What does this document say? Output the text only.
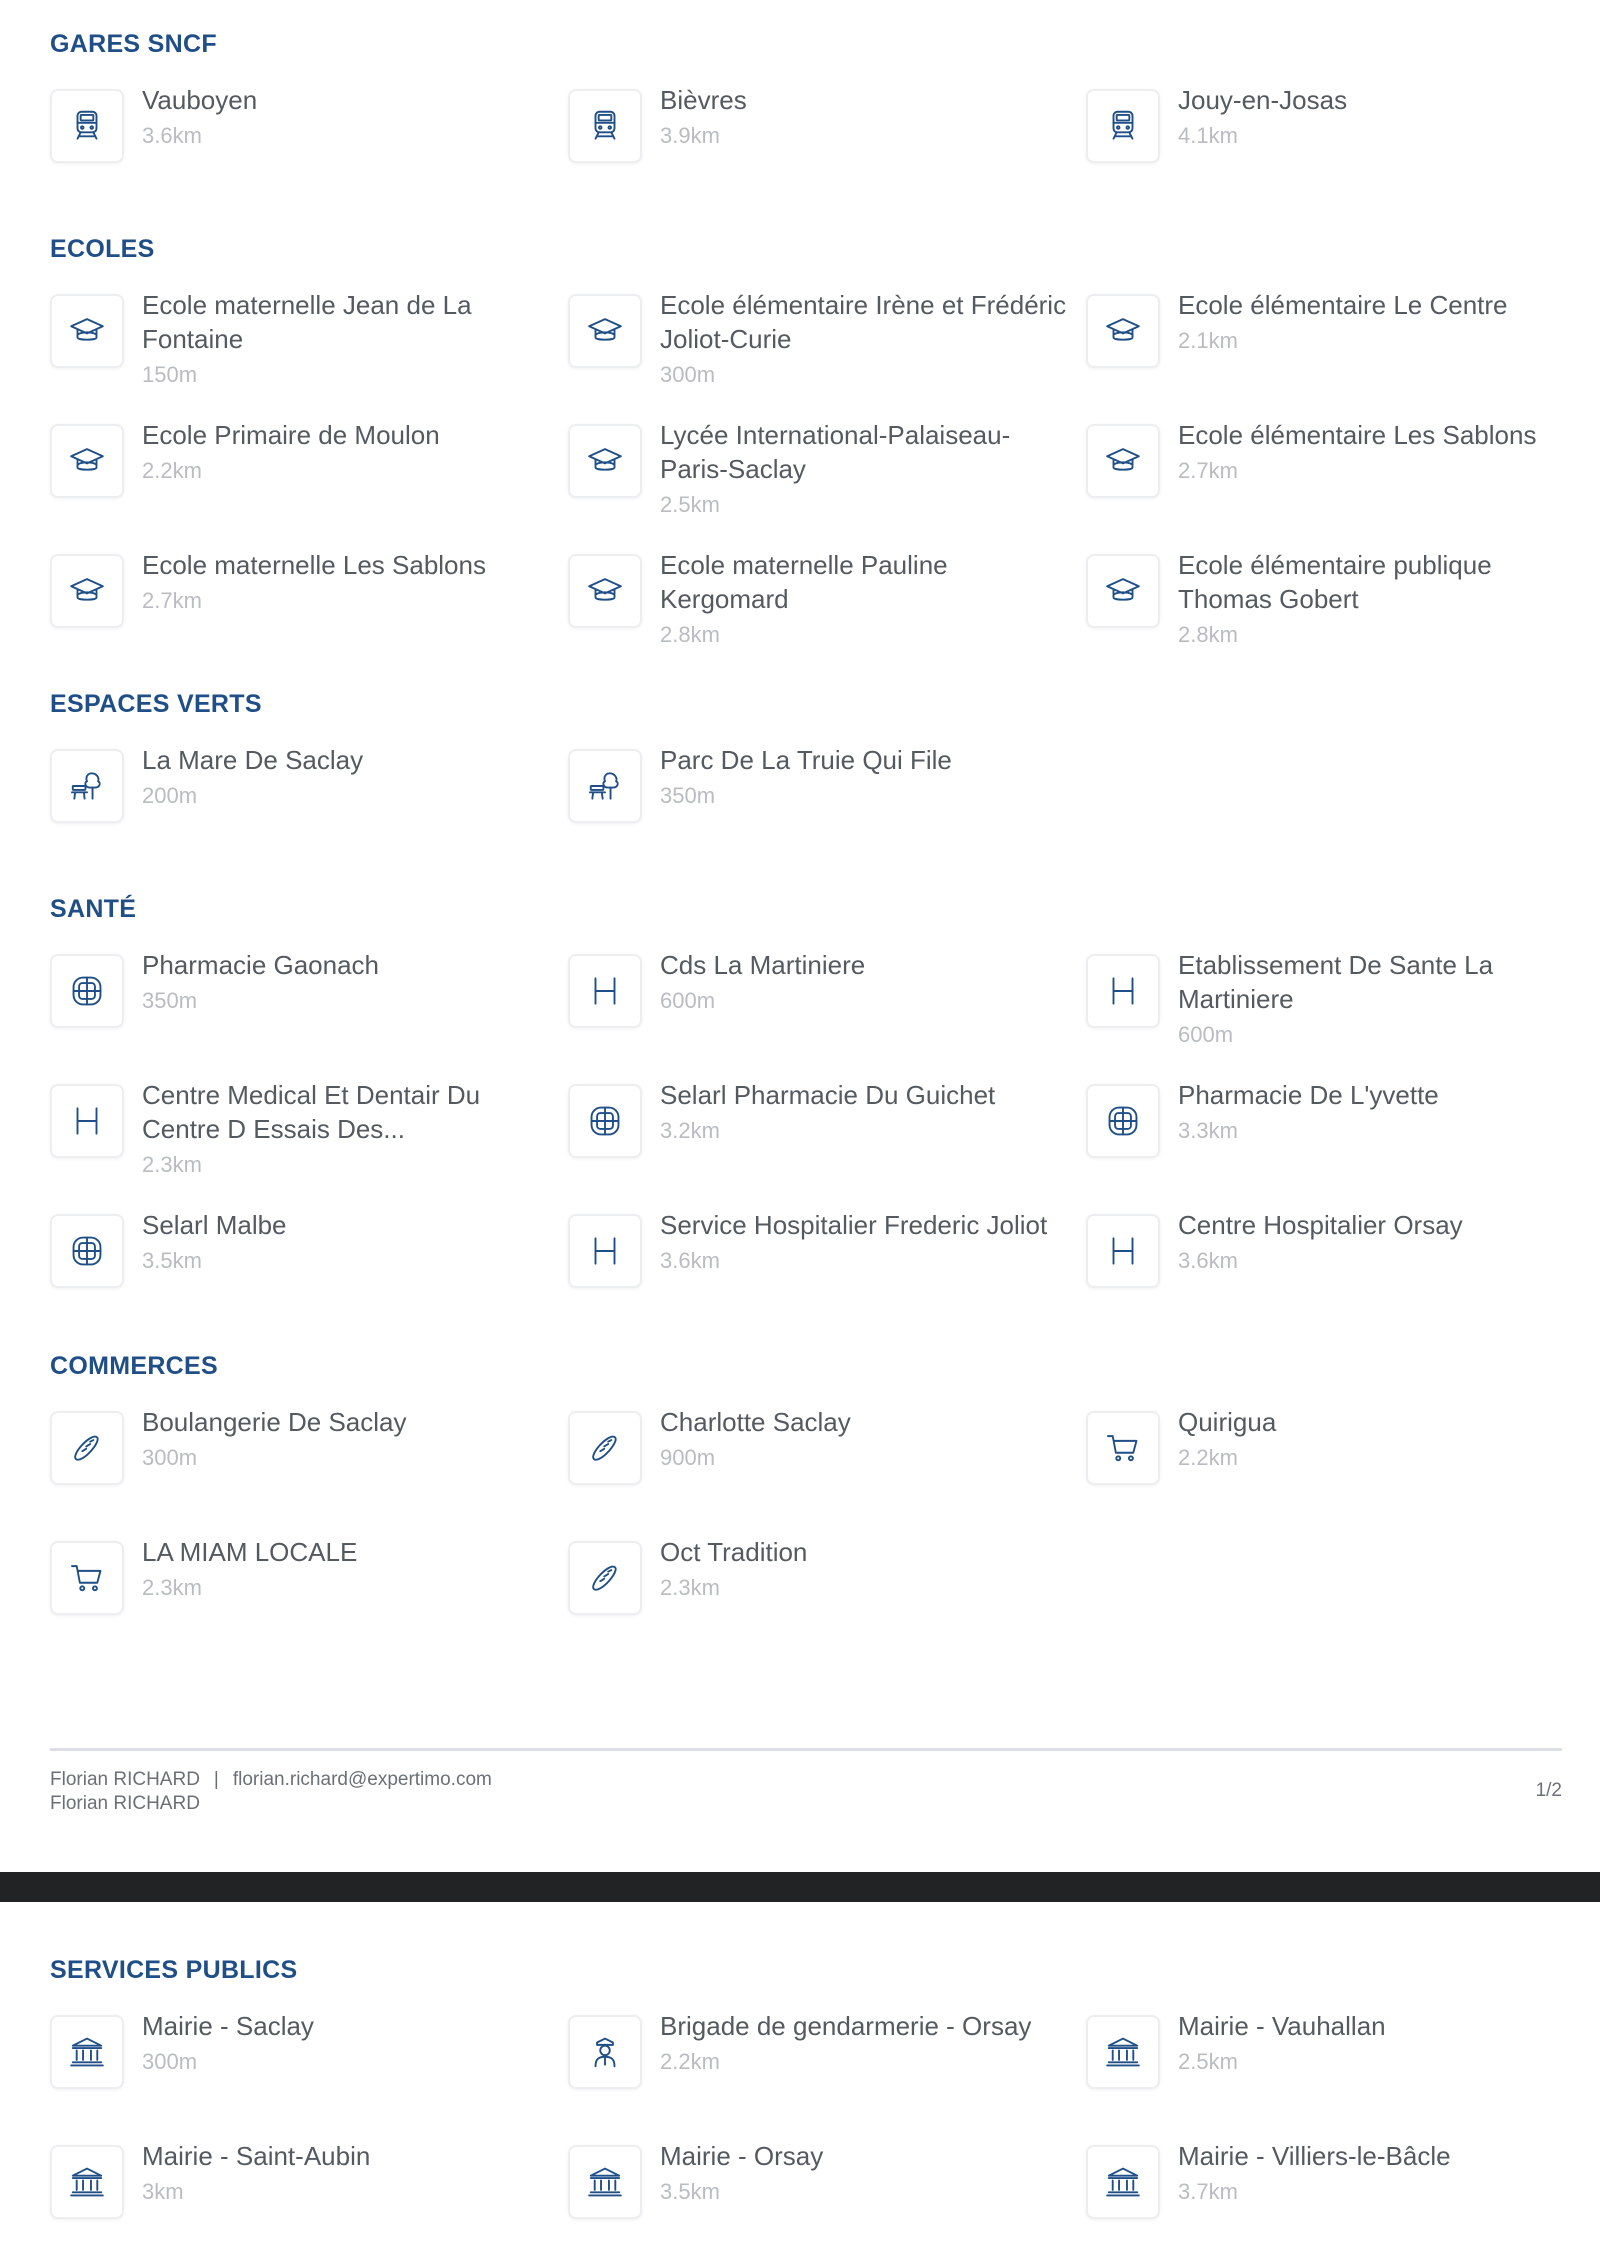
GARES SNCF
Vauboyen
3.6km
Bièvres
3.9km
Jouy-en-Josas
4.1km
ECOLES
Ecole maternelle Jean de La Fontaine
150m
Ecole élémentaire Irène et Frédéric Joliot-Curie
300m
Ecole élémentaire Le Centre
2.1km
Ecole Primaire de Moulon
2.2km
Lycée International-Palaiseau-Paris-Saclay
2.5km
Ecole élémentaire Les Sablons
2.7km
Ecole maternelle Les Sablons
2.7km
Ecole maternelle Pauline Kergomard
2.8km
Ecole élémentaire publique Thomas Gobert
2.8km
ESPACES VERTS
La Mare De Saclay
200m
Parc De La Truie Qui File
350m
SANTÉ
Pharmacie Gaonach
350m
Cds La Martiniere
600m
Etablissement De Sante La Martiniere
600m
Centre Medical Et Dentair Du Centre D Essais Des...
2.3km
Selarl Pharmacie Du Guichet
3.2km
Pharmacie De L'yvette
3.3km
Selarl Malbe
3.5km
Service Hospitalier Frederic Joliot
3.6km
Centre Hospitalier Orsay
3.6km
COMMERCES
Boulangerie De Saclay
300m
Charlotte Saclay
900m
Quirigua
2.2km
LA MIAM LOCALE
2.3km
Oct Tradition
2.3km
Florian RICHARD | florian.richard@expertimo.com
Florian RICHARD
1/2
SERVICES PUBLICS
Mairie - Saclay
300m
Brigade de gendarmerie - Orsay
2.2km
Mairie - Vauhallan
2.5km
Mairie - Saint-Aubin
3km
Mairie - Orsay
3.5km
Mairie - Villiers-le-Bâcle
3.7km
